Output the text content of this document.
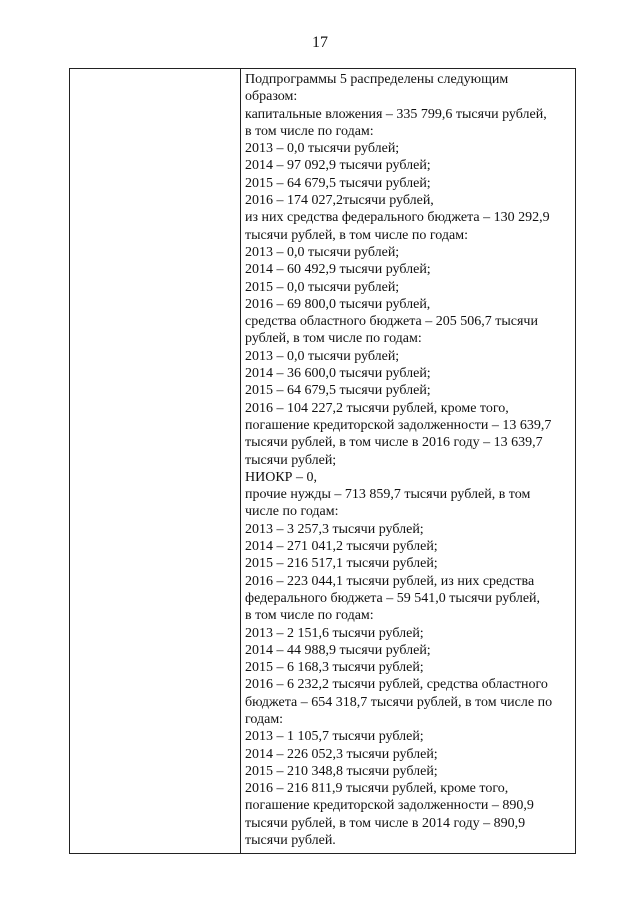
17
Подпрограммы 5 распределены следующим
образом:
капитальные вложения – 335 799,6 тысячи рублей,
в том числе по годам:
2013 – 0,0 тысячи рублей;
2014 – 97 092,9 тысячи рублей;
2015 – 64 679,5 тысячи рублей;
2016 – 174 027,2тысячи рублей,
из них средства федерального бюджета – 130 292,9
тысячи рублей, в том числе по годам:
2013 – 0,0 тысячи рублей;
2014 – 60 492,9 тысячи рублей;
2015 – 0,0 тысячи рублей;
2016 – 69 800,0 тысячи рублей,
средства областного бюджета – 205 506,7 тысячи
рублей, в том числе по годам:
2013 – 0,0 тысячи рублей;
2014 – 36 600,0 тысячи рублей;
2015 – 64 679,5 тысячи рублей;
2016 – 104 227,2 тысячи рублей, кроме того,
погашение кредиторской задолженности – 13 639,7
тысячи рублей, в том числе в 2016 году – 13 639,7
тысячи рублей;
НИОКР – 0,
прочие нужды – 713 859,7 тысячи рублей, в том
числе по годам:
2013 – 3 257,3 тысячи рублей;
2014 – 271 041,2 тысячи рублей;
2015 – 216 517,1 тысячи рублей;
2016 – 223 044,1 тысячи рублей, из них средства
федерального бюджета – 59 541,0 тысячи рублей,
в том числе по годам:
2013 – 2 151,6 тысячи рублей;
2014 – 44 988,9 тысячи рублей;
2015 – 6 168,3 тысячи рублей;
2016 – 6 232,2 тысячи рублей, средства областного
бюджета – 654 318,7 тысячи рублей, в том числе по
годам:
2013 – 1 105,7 тысячи рублей;
2014 – 226 052,3 тысячи рублей;
2015 – 210 348,8 тысячи рублей;
2016 – 216 811,9 тысячи рублей, кроме того,
погашение кредиторской задолженности – 890,9
тысячи рублей, в том числе в 2014 году – 890,9
тысячи рублей.
